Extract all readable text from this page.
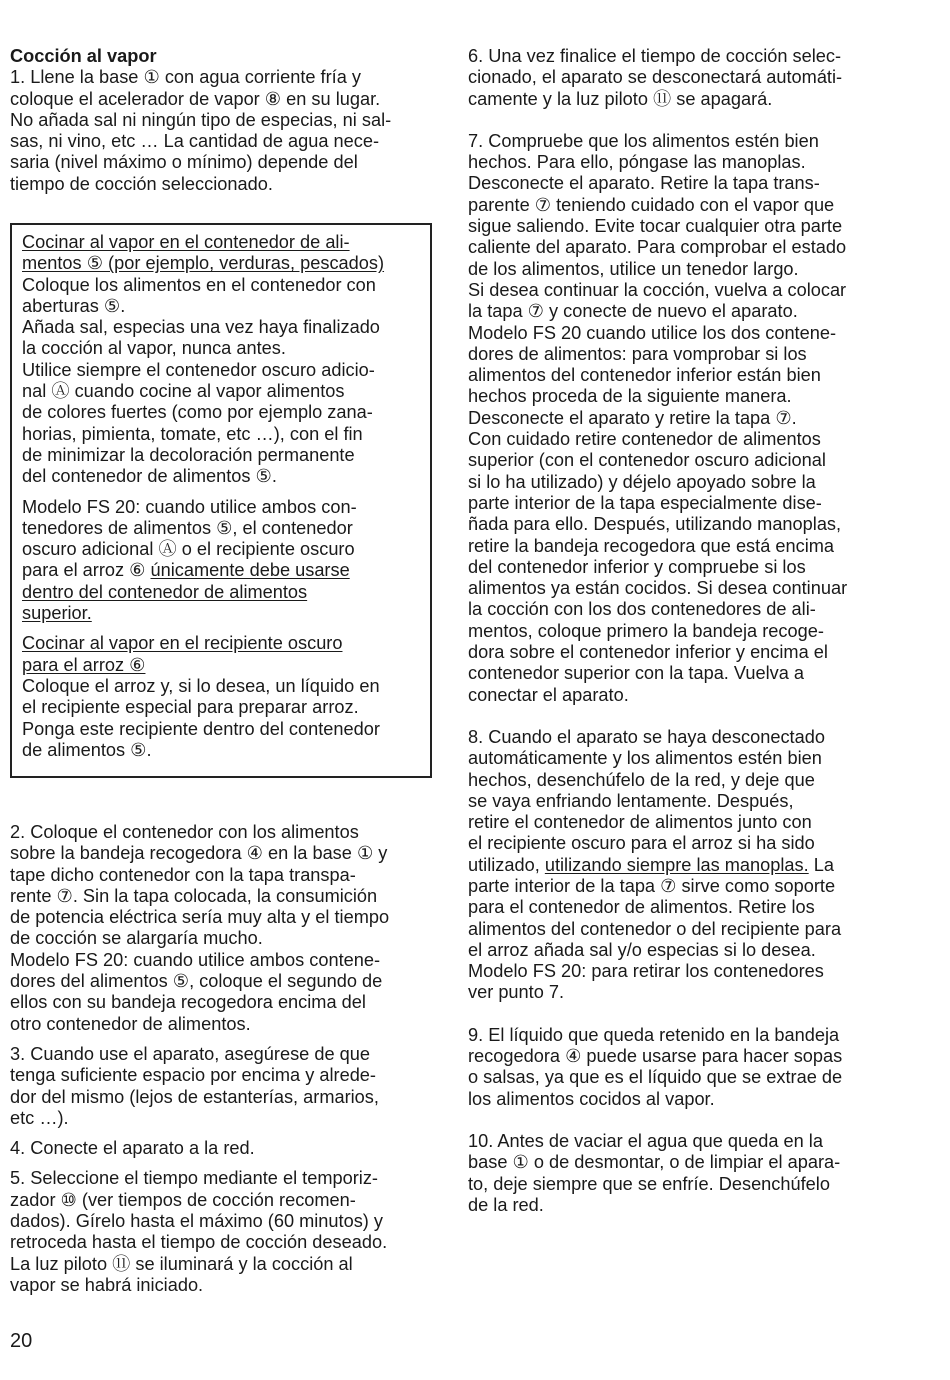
Cocción al vapor
1. Llene la base ① con agua corriente fría y
coloque el acelerador de vapor ⑧ en su lugar.
No añada sal ni ningún tipo de especias, ni sal-
sas, ni vino, etc … La cantidad de agua nece-
saria (nivel máximo o mínimo) depende del
tiempo de cocción seleccionado.
Cocinar al vapor en el contenedor de ali-
mentos ⑤ (por ejemplo, verduras, pescados)
Coloque los alimentos en el contenedor con
aberturas ⑤.
Añada sal, especias una vez haya finalizado
la cocción al vapor, nunca antes.
Utilice siempre el contenedor oscuro adicio-
nal Ⓐ cuando cocine al vapor alimentos
de colores fuertes (como por ejemplo zana-
horias, pimienta, tomate, etc …), con el fin
de minimizar la decoloración permanente
del contenedor de alimentos ⑤.
Modelo FS 20: cuando utilice ambos con-
tenedores de alimentos ⑤, el contenedor
oscuro adicional Ⓐ o el recipiente oscuro
para el arroz ⑥ únicamente debe usarse
dentro del contenedor de alimentos
superior.
Cocinar al vapor en el recipiente oscuro
para el arroz ⑥
Coloque el arroz y, si lo desea, un líquido en
el recipiente especial para preparar arroz.
Ponga este recipiente dentro del contenedor
de alimentos ⑤.
2. Coloque el contenedor con los alimentos
sobre la bandeja recogedora ④ en la base ① y
tape dicho contenedor con la tapa transpa-
rente ⑦. Sin la tapa colocada, la consumición
de potencia eléctrica sería muy alta y el tiempo
de cocción se alargaría mucho.
Modelo FS 20: cuando utilice ambos contene-
dores del alimentos ⑤, coloque el segundo de
ellos con su bandeja recogedora encima del
otro contenedor de alimentos.
3. Cuando use el aparato, asegúrese de que
tenga suficiente espacio por encima y alrede-
dor del mismo (lejos de estanterías, armarios,
etc …).
4. Conecte el aparato a la red.
5. Seleccione el tiempo mediante el temporiz-
zador ⑩ (ver tiempos de cocción recomen-
dados). Gírelo hasta el máximo (60 minutos) y
retroceda hasta el tiempo de cocción deseado.
La luz piloto ⑪ se iluminará y la cocción al
vapor se habrá iniciado.
6. Una vez finalice el tiempo de cocción selec-
cionado, el aparato se desconectará automáti-
camente y la luz piloto ⑪ se apagará.
7. Compruebe que los alimentos estén bien
hechos. Para ello, póngase las manoplas.
Desconecte el aparato. Retire la tapa trans-
parente ⑦ teniendo cuidado con el vapor que
sigue saliendo. Evite tocar cualquier otra parte
caliente del aparato. Para comprobar el estado
de los alimentos, utilice un tenedor largo.
Si desea continuar la cocción, vuelva a colocar
la tapa ⑦ y conecte de nuevo el aparato.
Modelo FS 20 cuando utilice los dos contene-
dores de alimentos: para vomprobar si los
alimentos del contenedor inferior están bien
hechos proceda de la siguiente manera.
Desconecte el aparato y retire la tapa ⑦.
Con cuidado retire contenedor de alimentos
superior (con el contenedor oscuro adicional
si lo ha utilizado) y déjelo apoyado sobre la
parte interior de la tapa especialmente dise-
ñada para ello. Después, utilizando manoplas,
retire la bandeja recogedora que está encima
del contenedor inferior y compruebe si los
alimentos ya están cocidos. Si desea continuar
la cocción con los dos contenedores de ali-
mentos, coloque primero la bandeja recoge-
dora sobre el contenedor inferior y encima el
contenedor superior con la tapa. Vuelva a
conectar el aparato.
8. Cuando el aparato se haya desconectado
automáticamente y los alimentos estén bien
hechos, desenchúfelo de la red, y deje que
se vaya enfriando lentamente. Después,
retire el contenedor de alimentos junto con
el recipiente oscuro para el arroz si ha sido
utilizado, utilizando siempre las manoplas. La
parte interior de la tapa ⑦ sirve como soporte
para el contenedor de alimentos. Retire los
alimentos del contenedor o del recipiente para
el arroz añada sal y/o especias si lo desea.
Modelo FS 20: para retirar los contenedores
ver punto 7.
9. El líquido que queda retenido en la bandeja
recogedora ④ puede usarse para hacer sopas
o salsas, ya que es el líquido que se extrae de
los alimentos cocidos al vapor.
10. Antes de vaciar el agua que queda en la
base ① o de desmontar, o de limpiar el apara-
to, deje siempre que se enfríe. Desenchúfelo
de la red.
20
